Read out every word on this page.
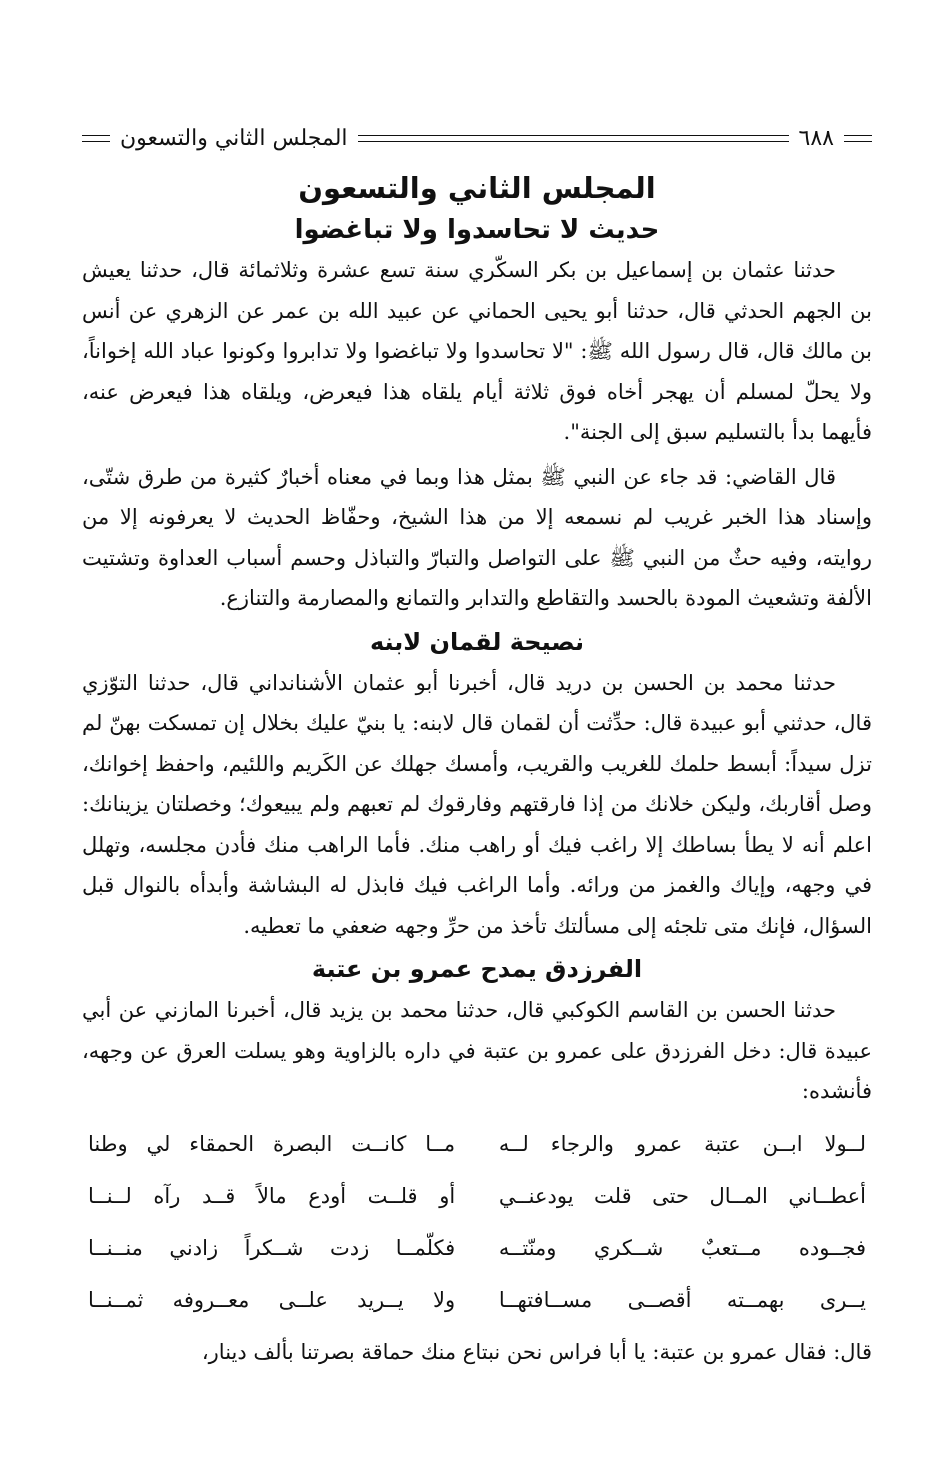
٦٨٨
المجلس الثاني والتسعون
المجلس الثاني والتسعون
حديث لا تحاسدوا ولا تباغضوا

حدثنا عثمان بن إسماعيل بن بكر السكّري سنة تسع عشرة وثلاثمائة قال، حدثنا يعيش بن الجهم الحدثي قال، حدثنا أبو يحيى الحماني عن عبيد الله بن عمر عن الزهري عن أنس بن مالك قال، قال رسول الله ﷺ: "لا تحاسدوا ولا تباغضوا ولا تدابروا وكونوا عباد الله إخواناً، ولا يحلّ لمسلم أن يهجر أخاه فوق ثلاثة أيام يلقاه هذا فيعرض، ويلقاه هذا فيعرض عنه، فأيهما بدأ بالتسليم سبق إلى الجنة".

قال القاضي: قد جاء عن النبي ﷺ بمثل هذا وبما في معناه أخبارٌ كثيرة من طرق شتّى، وإسناد هذا الخبر غريب لم نسمعه إلا من هذا الشيخ، وحفّاظ الحديث لا يعرفونه إلا من روايته، وفيه حثٌ من النبي ﷺ على التواصل والتبارّ والتباذل وحسم أسباب العداوة وتشتيت الألفة وتشعيث المودة بالحسد والتقاطع والتدابر والتمانع والمصارمة والتنازع.

نصيحة لقمان لابنه

حدثنا محمد بن الحسن بن دريد قال، أخبرنا أبو عثمان الأشنانداني قال، حدثنا التوّزي قال، حدثني أبو عبيدة قال: حدِّثت أن لقمان قال لابنه: يا بنيّ عليك بخلال إن تمسكت بهنّ لم تزل سيداً: أبسط حلمك للغريب والقريب، وأمسك جهلك عن الكَريم واللئيم، واحفظ إخوانك، وصل أقاربك، وليكن خلانك من إذا فارقتهم وفارقوك لم تعبهم ولم يبيعوك؛ وخصلتان يزينانك: اعلم أنه لا يطأ بساطك إلا راغب فيك أو راهب منك. فأما الراهب منك فأدن مجلسه، وتهلل في وجهه، وإياك والغمز من ورائه. وأما الراغب فيك فابذل له البشاشة وأبدأه بالنوال قبل السؤال، فإنك متى تلجئه إلى مسألتك تأخذ من حرِّ وجهه ضعفي ما تعطيه.

الفرزدق يمدح عمرو بن عتبة

حدثنا الحسن بن القاسم الكوكبي قال، حدثنا محمد بن يزيد قال، أخبرنا المازني عن أبي عبيدة قال: دخل الفرزدق على عمرو بن عتبة في داره بالزاوية وهو يسلت العرق عن وجهه، فأنشده:

لــولا ابــن عتبة عمرو والرجاء لــه
مــا كانــت البصرة الحمقاء لي وطنا
أعطــاني المــال حتى قلت يودعنــي
أو قلــت أودع مالاً قــد رآه لــنــا
فجــوده مــتعبٌ شــكري ومنّتــه
فكلّمــا زدت شــكراً زادني منــنــا
يــرى بهمــته أقصــى مســافتهــا
ولا يــريد علــى معــروفه ثمــنــا

قال: فقال عمرو بن عتبة: يا أبا فراس نحن نبتاع منك حماقة بصرتنا بألف دينار،
